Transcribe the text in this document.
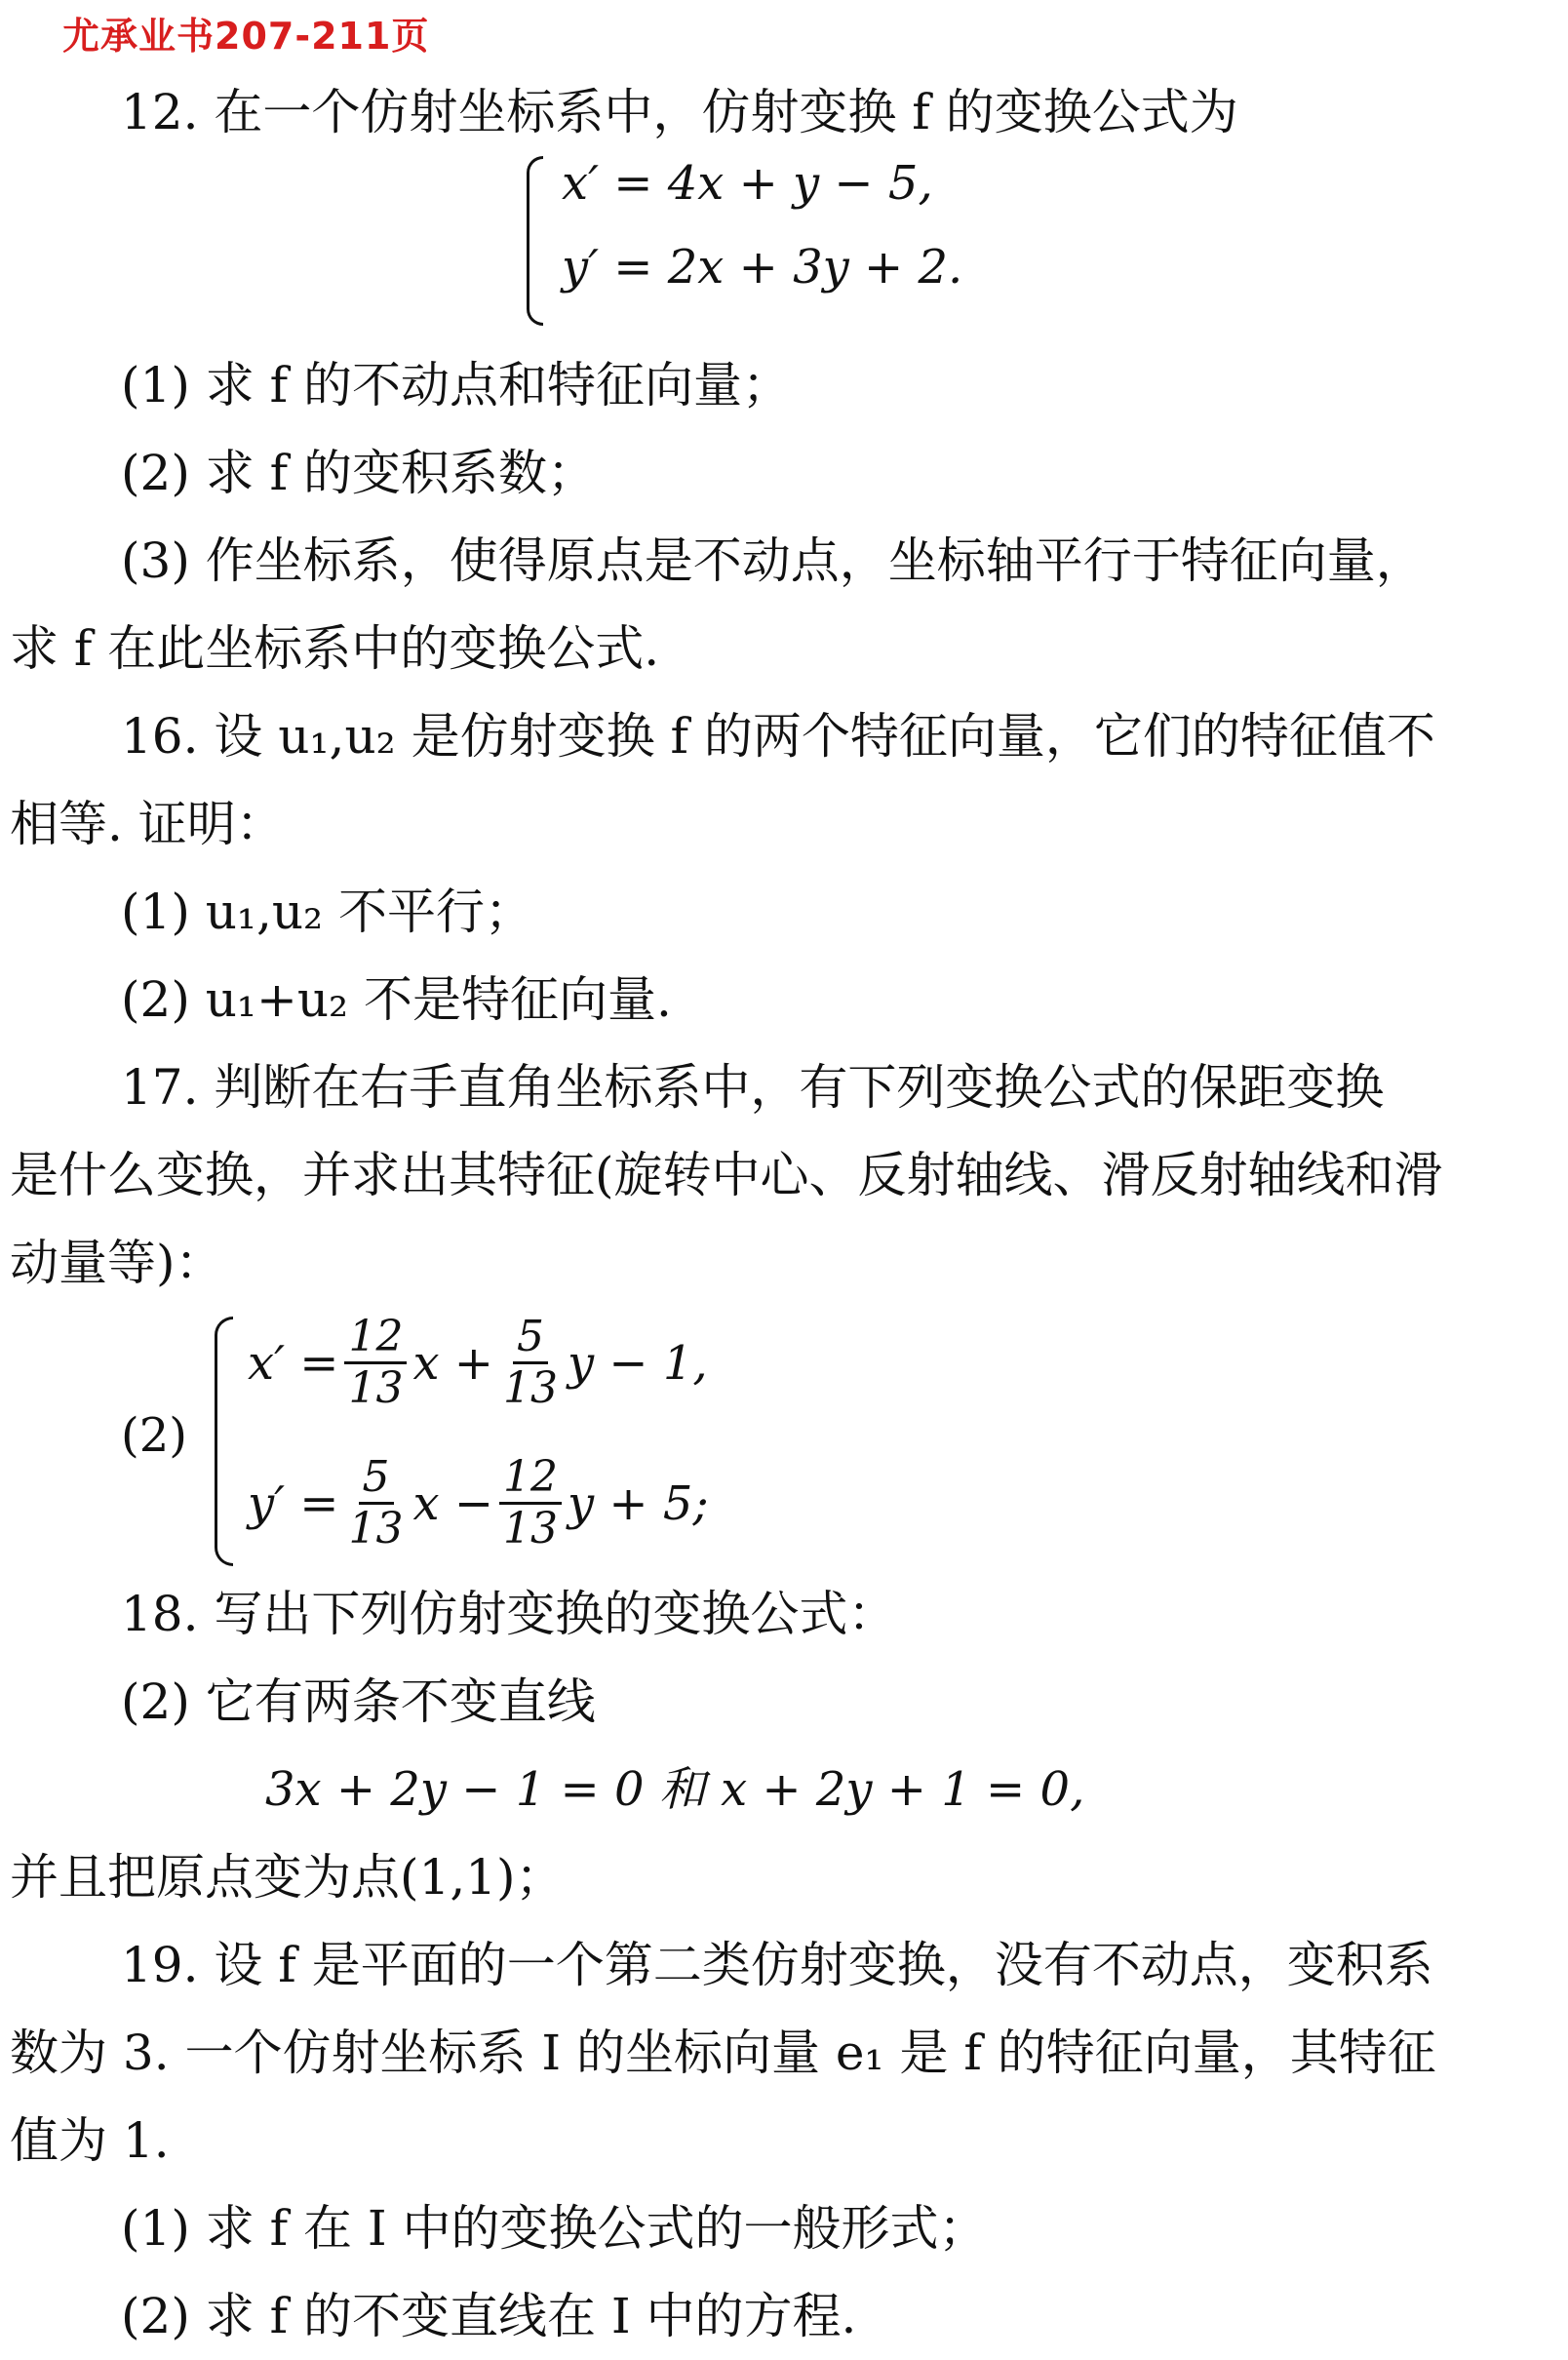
尤承业书207-211页
12. 在一个仿射坐标系中，仿射变换 f 的变换公式为
x′ = 4x + y − 5,
y′ = 2x + 3y + 2.
(1) 求 f 的不动点和特征向量；
(2) 求 f 的变积系数；
(3) 作坐标系，使得原点是不动点，坐标轴平行于特征向量，
求 f 在此坐标系中的变换公式.
16. 设 u₁,u₂ 是仿射变换 f 的两个特征向量，它们的特征值不
相等. 证明：
(1) u₁,u₂ 不平行；
(2) u₁+u₂ 不是特征向量.
17. 判断在右手直角坐标系中，有下列变换公式的保距变换
是什么变换，并求出其特征(旋转中心、反射轴线、滑反射轴线和滑
动量等)：
(2)
$x' = \frac{12}{13}$ $x + \frac{5}{13}$ y − 1,
$y' = \frac{5}{13}$ $x - \frac{12}{13}$ y + 5;
18. 写出下列仿射变换的变换公式：
(2) 它有两条不变直线
3x + 2y − 1 = 0 和 x + 2y + 1 = 0,
并且把原点变为点(1,1)；
19. 设 f 是平面的一个第二类仿射变换，没有不动点，变积系
数为 3. 一个仿射坐标系 I 的坐标向量 e₁ 是 f 的特征向量，其特征
值为 1.
(1) 求 f 在 I 中的变换公式的一般形式；
(2) 求 f 的不变直线在 I 中的方程.
